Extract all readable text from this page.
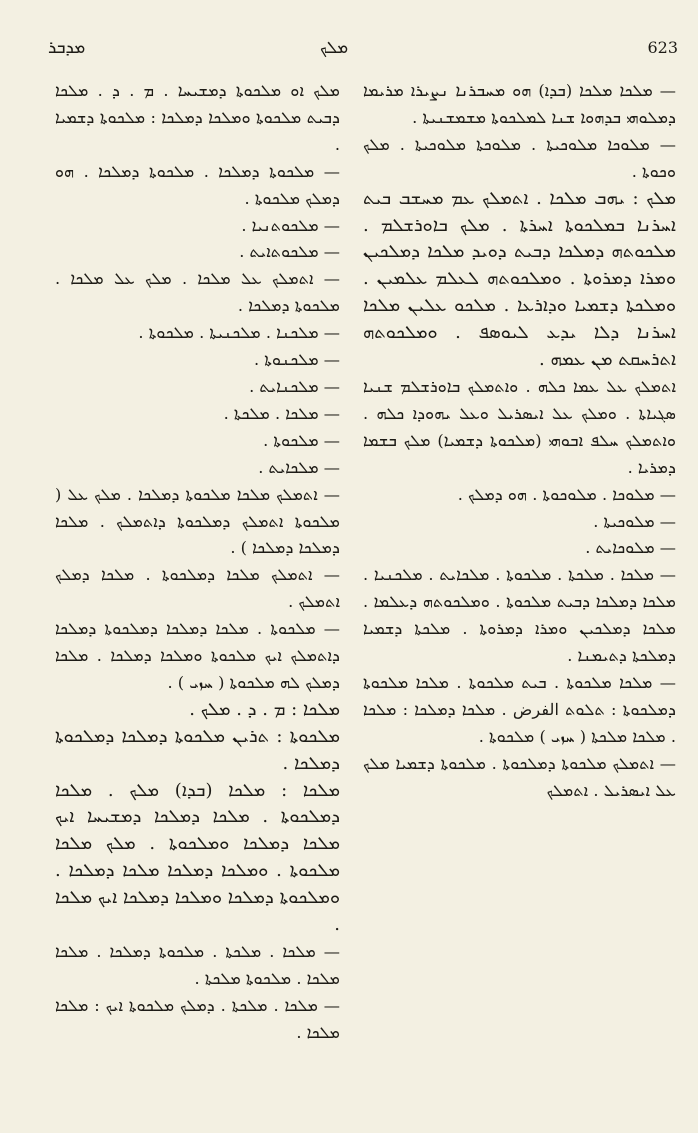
ܡܕܒܪ	ܡܠܟ	623

— ܡܠܟܐ ܡܠܟܐ (ܒܕܐ) ܗܘ ܡܚܒܪܢܐ ܢܨܝܪܐ ܡܪܝܡܐ ܕܡܠܘܗܝ ܒܕܗܘܐ ܫܢܐ ܠܡܠܟܘܬܐ ܡܫܡܫܢܝܬܐ .

— ܡܠܘܟܐ ܡܠܘܟܝܬܐ . ܡܠܘܟܬܐ ܡܠܘܟܝܬܐ . ܡܠܟ ܘܟܘܬܐ .

ܡܠܟ : ܝܗܒ ܡܠܟܐ . ܐܬܡܠܟ ܥܡ ܡܚܫܒ ܒܝܬ ܐܚܪܢܐ ܒܡܠܟܘܬܐ ܐܚܪܬܐ . ܡܠܟ ܒܐܘܪܫܠܡ . ܡܠܟܘܬܗ ܕܡܠܟܐ ܕܒܝܬ ܕܘܝܕ ܡܠܟܐ ܕܡܠܟܝܢ ܘܡܪܐ ܕܡܪܘܬܐ . ܘܡܠܟܘܬܗ ܠܥܠܡ ܥܠܡܝܢ . ܘܡܠܟܬܐ ܕܫܡܝܐ ܘܕܐܪܥܐ . ܡܠܟܘ ܥܠܝܢ ܡܠܟܐ ܐܚܪܢܐ ܕܠܐ ܝܕܥ ܠܝܘܣܦ . ܘܡܠܟܘܬܗ ܐܬܪܚܩܬ ܡܢ ܥܡܗ .

ܐܬܡܠܟ ܥܠ ܥܡܐ ܟܠܗ . ܘܐܬܡܠܟ ܒܐܘܪܫܠܡ ܫܢܝܐ ܣܓܝܐܬܐ . ܘܡܠܟ ܥܠ ܐܝܣܪܝܠ ܘܥܠ ܝܗܘܕܐ ܟܠܗ . ܘܐܬܡܠܟ ܚܠܦ ܐܒܘܗܝ (ܡܠܟܘܬܐ ܕܫܡܝܐ) ܡܠܟ ܒܫܡܐ ܕܡܪܝܐ .

— ܡܠܘܟܐ . ܡܠܘܟܘܬܐ . ܗܘ ܕܡܠܟ .

— ܡܠܘܟܝܬܐ .

— ܡܠܘܟܐܝܬ .

— ܡܠܟܐ . ܡܠܟܬܐ . ܡܠܟܘܬܐ . ܡܠܟܐܝܬ . ܡܠܟܢܝܐ . ܡܠܟܐ ܕܡܠܟܐ ܕܒܝܬ ܡܠܟܘܬܐ . ܘܡܠܟܘܬܗ ܕܥܠܡܐ . ܡܠܟܐ ܕܡܠܟܝܢ ܘܡܪܐ ܕܡܪܘܬܐ . ܡܠܟܬܐ ܕܫܡܝܐ ܕܡܠܟܬܐ ܕܬܝܡܢܐ .

— ܡܠܟܐ ܡܠܟܘܬܐ . ܒܝܬ ܡܠܟܘܬܐ . ܡܠܟܐ ܡܠܟܘܬܐ ܕܡܠܟܘܬܐ : ܬܠܘܬ الفرض . ܡܠܟܐ ܕܡܠܟܐ : ܡܠܟܐ . ܡܠܟܐ ܡܠܟܬܐ ( ܚܙܝ ) ܡܠܟܘܬܐ .

— ܐܬܡܠܟ ܡܠܟܘܬܐ ܕܡܠܟܘܬܐ . ܡܠܟܘܬܐ ܕܫܡܝܐ ܡܠܟ ܥܠ ܐܝܣܪܝܠ . ܐܬܡܠܟ

ܡܠܟ ܐܘ ܡܠܟܘܬܐ ܕܡܫܝܚܐ . ܡ . ܕ . ܡܠܟܐ ܕܒܝܬ ܡܠܟܘܬܐ ܘܡܠܟܐ ܕܡܠܟܐ : ܡܠܟܘܬܐ ܕܫܡܝܐ .

— ܡܠܟܘܬܐ ܕܡܠܟܐ . ܡܠܟܘܬܐ ܕܡܠܟܐ . ܗܘ ܕܡܠܟ ܡܠܟܘܬܐ .

— ܡܠܟܘܬܢܝܐ .

— ܡܠܟܘܬܐܝܬ .

— ܐܬܡܠܟ ܥܠ ܡܠܟܐ . ܡܠܟ ܥܠ ܡܠܟܐ . ܡܠܟܘܬܐ ܕܡܠܟܐ .

— ܡܠܟܢܐ . ܡܠܟܢܝܬܐ . ܡܠܟܘܬܐ .

— ܡܠܟܢܘܬܐ .

— ܡܠܟܢܐܝܬ .

— ܡܠܟܐ . ܡܠܟܬܐ .

— ܡܠܟܘܬܐ .

— ܡܠܟܐܝܬ .

— ܐܬܡܠܟ ܡܠܟܐ ܡܠܟܘܬܐ ܕܡܠܟܐ . ܡܠܟ ܥܠ ( ܡܠܟܘܬܐ ܐܬܡܠܟ ܕܡܠܟܘܬܐ ܕܐܬܡܠܟ . ܡܠܟܐ ܕܡܠܟܐ ܕܡܠܟܐ ) .

— ܐܬܡܠܟ ܡܠܟܐ ܕܡܠܟܘܬܐ . ܡܠܟܐ ܕܡܠܟ ܐܬܡܠܟ .

— ܡܠܟܘܬܐ . ܡܠܟܐ ܕܡܠܟܐ ܕܡܠܟܘܬܐ ܕܡܠܟܐ ܕܐܬܡܠܟ ܐܝܟ ܡܠܟܘܬܐ ܘܡܠܟܐ ܕܡܠܟܐ . ܡܠܟܐ ܕܡܠܟ ܠܗ ܡܠܟܘܬܐ ( ܚܙܝ ) .

ܡܠܟܐ : ܡ . ܕ . ܡܠܟ .

ܡܠܟܘܬܐ : ܬܪܝܢ ܡܠܟܘܬܐ ܕܡܠܟܐ ܕܡܠܟܘܬܐ ܕܡܠܟܐ .

ܡܠܟܐ : ܡܠܟܐ (ܒܕܐ) ܡܠܟ . ܡܠܟܐ ܕܡܠܟܘܬܐ . ܡܠܟܐ ܕܡܠܟܐ ܕܡܫܝܚܐ ܐܝܟ ܡܠܟܐ ܕܡܠܟܐ ܘܡܠܟܘܬܐ . ܡܠܟ ܡܠܟܐ ܡܠܟܘܬܐ . ܘܡܠܟܐ ܕܡܠܟܐ ܡܠܟܐ ܕܡܠܟܐ . ܘܡܠܟܘܬܐ ܕܡܠܟܐ ܘܡܠܟܐ ܕܡܠܟܐ ܐܝܟ ܡܠܟܐ .

— ܡܠܟܐ . ܡܠܟܬܐ . ܡܠܟܘܬܐ ܕܡܠܟܐ . ܡܠܟܐ ܡܠܟܐ . ܡܠܟܘܬܐ ܡܠܟܬܐ .

— ܡܠܟܐ . ܡܠܟܬܐ . ܕܡܠܟ ܡܠܟܘܬܐ ܐܝܟ : ܡܠܟܐ ܡܠܟܐ .
